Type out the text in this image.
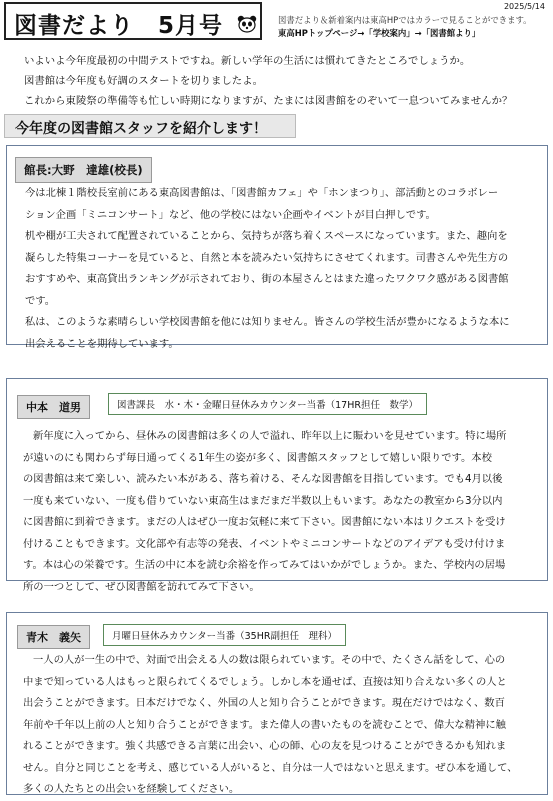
図書だより　5月号
2025/5/14
図書だより＆新着案内は東高HPではカラーで見ることができます。
東高HPトップページ→「学校案内」→「図書館より」
いよいよ今年度最初の中間テストですね。新しい学年の生活には慣れてきたところでしょうか。
図書館は今年度も好調のスタートを切りましたよ。
これから東陵祭の準備等も忙しい時期になりますが、たまには図書館をのぞいて一息ついてみませんか？
今年度の図書館スタッフを紹介します！
館長:大野　達雄(校長)
今は北棟１階校長室前にある東高図書館は、「図書館カフェ」や「ホンまつり」、部活動とのコラボレー
ション企画「ミニコンサート」など、他の学校にはない企画やイベントが目白押しです。
机や棚が工夫されて配置されていることから、気持ちが落ち着くスペースになっています。また、趣向を
凝らした特集コーナーを見ていると、自然と本を読みたい気持ちにさせてくれます。司書さんや先生方の
おすすめや、東高貸出ランキングが示されており、街の本屋さんとはまた違ったワクワク感がある図書館
です。
私は、このような素晴らしい学校図書館を他には知りません。皆さんの学校生活が豊かになるような本に
出会えることを期待しています。
中本　道男	図書課長　水・木・金曜日昼休みカウンター当番（17HR担任　数学）
新年度に入ってから、昼休みの図書館は多くの人で溢れ、昨年以上に賑わいを見せています。特に場所
が遠いのにも関わらず毎日通ってくる1年生の姿が多く、図書館スタッフとして嬉しい限りです。本校
の図書館は来て楽しい、読みたい本がある、落ち着ける、そんな図書館を目指しています。でも4月以後
一度も来ていない、一度も借りていない東高生はまだまだ半数以上もいます。あなたの教室から3分以内
に図書館に到着できます。まだの人はぜひ一度お気軽に来て下さい。図書館にない本はリクエストを受け
付けることもできます。文化部や有志等の発表、イベントやミニコンサートなどのアイデアも受け付けま
す。本は心の栄養です。生活の中に本を読む余裕を作ってみてはいかがでしょうか。また、学校内の居場
所の一つとして、ぜひ図書館を訪れてみて下さい。
青木　義矢	月曜日昼休みカウンター当番（35HR副担任　理科）
一人の人が一生の中で、対面で出会える人の数は限られています。その中で、たくさん話をして、心の
中まで知っている人はもっと限られてくるでしょう。しかし本を通せば、直接は知り合えない多くの人と
出会うことができます。日本だけでなく、外国の人と知り合うことができます。現在だけではなく、数百
年前や千年以上前の人と知り合うことができます。また偉人の書いたものを読むことで、偉大な精神に触
れることができます。強く共感できる言葉に出会い、心の師、心の友を見つけることができるかも知れま
せん。自分と同じことを考え、感じている人がいると、自分は一人ではないと思えます。ぜひ本を通して、
多くの人たちとの出会いを経験してください。
